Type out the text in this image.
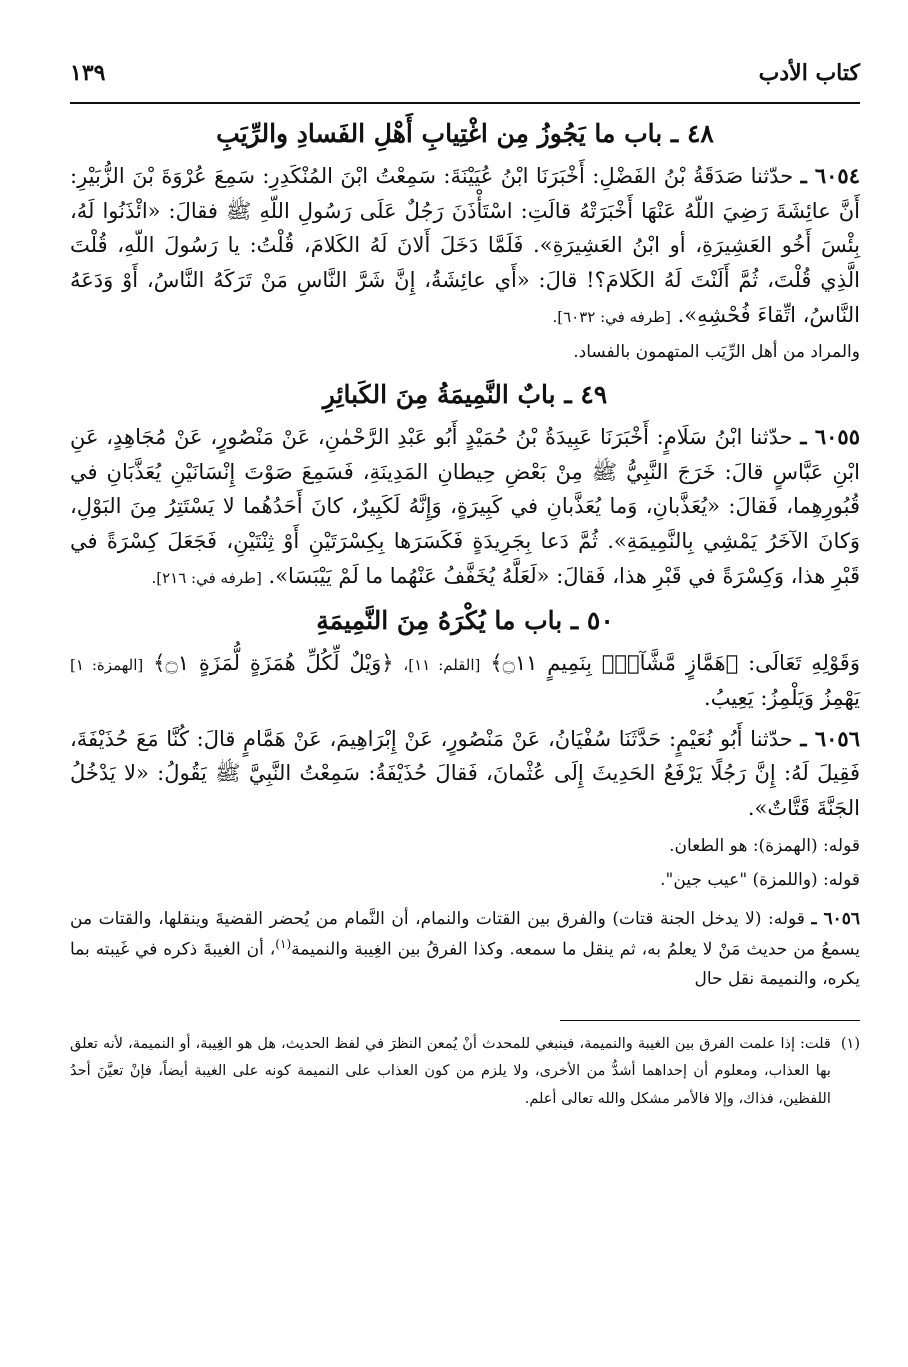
كتاب الأدب
١٣٩
٤٨ ـ باب ما يَجُوزُ مِن اغْتِيابِ أَهْلِ الفَسادِ والرِّيَبِ

٦٠٥٤ ـ حدّثنا صَدَقَةُ بْنُ الفَضْلِ: أَخْبَرَنَا ابْنُ عُيَيْنَةَ: سَمِعْتُ ابْنَ المُنْكَدِرِ: سَمِعَ عُرْوَةَ بْنَ الزُّبَيْرِ: أَنَّ عائِشَةَ رَضِيَ اللّهُ عَنْهَا أَخْبَرَتْهُ قالَتِ: اسْتَأْذَنَ رَجُلٌ عَلَى رَسُولِ اللّهِ ﷺ فقالَ: «ائْذَنُوا لَهُ، بِئْسَ أَخُو العَشِيرَةِ، أو ابْنُ العَشِيرَةِ». فَلَمَّا دَخَلَ أَلانَ لَهُ الكَلامَ، قُلْتُ: يا رَسُولَ اللّهِ، قُلْتَ الَّذِي قُلْتَ، ثُمَّ أَلَنْتَ لَهُ الكَلامَ؟! قالَ: «أَي عائِشَةُ، إِنَّ شَرَّ النَّاسِ مَنْ تَرَكَهُ النَّاسُ، أَوْ وَدَعَهُ النَّاسُ، اتِّقاءَ فُحْشِهِ». [طرفه في: ٦٠٣٢].

والمراد من أهل الرِّيَب المتهمون بالفساد.
٤٩ ـ بابٌ النَّمِيمَةُ مِنَ الكَبائِرِ

٦٠٥٥ ـ حدّثنا ابْنُ سَلَامٍ: أَخْبَرَنَا عَبِيدَةُ بْنُ حُمَيْدٍ أَبُو عَبْدِ الرَّحْمٰنِ، عَنْ مَنْصُورٍ، عَنْ مُجَاهِدٍ، عَنِ ابْنِ عَبَّاسٍ قالَ: خَرَجَ النَّبِيُّ ﷺ مِنْ بَعْضِ حِيطانِ المَدِينَةِ، فَسَمِعَ صَوْتَ إِنْسَانَيْنِ يُعَذَّبَانِ في قُبُورِهِما، فَقالَ: «يُعَذَّبانِ، وَما يُعَذَّبانِ في كَبِيرَةٍ، وَإِنَّهُ لَكَبِيرٌ، كانَ أَحَدُهُما لا يَسْتَتِرُ مِنَ البَوْلِ، وَكانَ الآخَرُ يَمْشِي بِالنَّمِيمَةِ». ثُمَّ دَعا بِجَرِيدَةٍ فَكَسَرَها بِكِسْرَتَيْنِ أَوْ ثِنْتَيْنِ، فَجَعَلَ كِسْرَةً في قَبْرِ هذا، وَكِسْرَةً في قَبْرِ هذا، فَقالَ: «لَعَلَّهُ يُخَفَّفُ عَنْهُما ما لَمْ يَيْبَسَا». [طرفه في: ٢١٦].

٥٠ ـ باب ما يُكْرَهُ مِنَ النَّمِيمَةِ

وَقَوْلِهِ تَعَالَى: ﴿هَمَّازٍ مَّشَّآءِۭ بِنَمِيمٍ ۝١١﴾ [القلم: ١١]، ﴿وَيْلٌ لِّكُلِّ هُمَزَةٍ لُّمَزَةٍ ۝١﴾ [الهمزة: ١] يَهْمِزُ وَيَلْمِزُ: يَعِيبُ.

٦٠٥٦ ـ حدّثنا أَبُو نُعَيْمٍ: حَدَّثَنَا سُفْيَانُ، عَنْ مَنْصُورٍ، عَنْ إِبْرَاهِيمَ، عَنْ هَمَّامٍ قالَ: كُنَّا مَعَ حُذَيْفَةَ، فَقِيلَ لَهُ: إِنَّ رَجُلًا يَرْفَعُ الحَدِيثَ إِلَى عُثْمانَ، فَقالَ حُذَيْفَةُ: سَمِعْتُ النَّبِيَّ ﷺ يَقُولُ: «لا يَدْخُلُ الجَنَّةَ قَتَّاتٌ».

قوله: (الهمزة): هو الطعان.
قوله: (واللمزة) "عيب جين".
٦٠٥٦ ـ قوله: (لا يدخل الجنة قتات) والفرق بين القتات والنمام، أن النَّمام من يُحضر القضيةَ وينقلها، والقتات من يسمعُ من حديث مَنْ لا يعلمُ به، ثم ينقل ما سمعه. وكذا الفرقُ بين الغِيبة والنميمة$^{(١)}$، أن الغيبةَ ذكره في غَيبته بما يكره، والنميمة نقل حال
(١)
قلت: إذا علمت الفرق بين الغيبة والنميمة، فينبغي للمحدث أنْ يُمعن النظرَ في لفظ الحديث، هل هو الغِيبة، أو النميمة، لأنه تعلق بها العذاب، ومعلوم أن إحداهما أشدُّ من الأخرى، ولا يلزم من كون العذاب على النميمة كونه على الغيبة أيضاً، فإنْ تعيَّنَ أحدُ اللفظين، فذاك، وإلا فالأمر مشكل والله تعالى أعلم.
